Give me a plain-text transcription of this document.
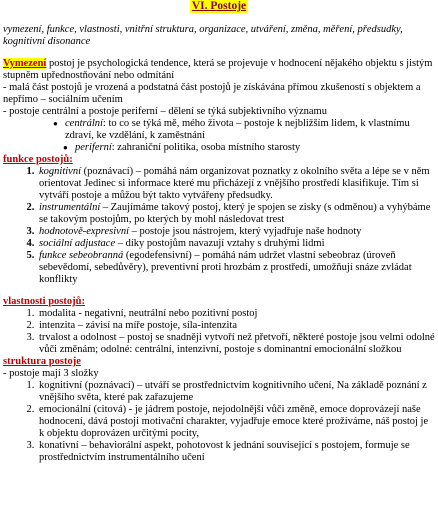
VI. Postoje
vymezení, funkce, vlastnosti, vnitřní struktura, organizace, utváření, změna, měření, předsudky, kognitivní disonance

Vymezení postoj je psychologická tendence, která se projevuje v hodnocení nějakého objektu s jistým stupněm upřednostňování nebo odmítání

- malá část postojů je vrozená a podstatná část postojů je získávána přímou zkušeností s objektem a nepřímo – sociálním učením

- postoje centrální a postoje periferní – dělení se týká subjektivního významu

● centrální: to co se týká mě, mého života – postoje k nejbližším lidem, k vlastnímu zdraví, ke vzdělání, k zaměstnání
● periferní: zahraniční politika, osoba místního starosty

funkce postojů:

1. kognitivní (poznávací) – pomáhá nám organizovat poznatky z okolního světa a lépe se v něm orientovat Jedinec si informace které mu přicházejí z vnějšího prostředí klasifikuje. Tím si vytváří postoje a můžou být takto vytvářeny předsudky.
2. instrumentální – Zaujímáme takový postoj, který je spojen se zisky (s odměnou) a vyhýbáme se takovým postojům, po kterých by mohl následovat trest
3. hodnotově-expresivní – postoje jsou nástrojem, který vyjadřuje naše hodnoty
4. sociální adjustace – díky postojům navazují vztahy s druhými lidmi
5. funkce sebeobranná (egodefensivní) – pomáhá nám udržet vlastní sebeobraz (úroveň sebevědomí, sebedůvěry), preventivní proti hrozbám z prostředí, umožňují snáze zvládat konflikty

vlastnosti postojů:

1. modalita - negativní, neutrální nebo pozitivní postoj
2. intenzita – závisí na míře postoje, síla-intenzita
3. trvalost a odolnost – postoj se snadněji vytvoří než přetvoří, některé postoje jsou velmi odolné vůči změnám; odolné: centrální, intenzivní, postoje s dominantní emocionální složkou

struktura postoje

- postoje mají 3 složky

1. kognitivní (poznávací) – utváří se prostřednictvím kognitivního učení, Na základě poznání z vnějšího světa, které pak zařazujeme
2. emocionální (citová) - je jádrem postoje, nejodolnější vůči změně, emoce doprovázejí naše hodnocení, dává postoji motivační charakter, vyjadřuje emoce které prožíváme, náš postoj je k objektu doprovázen určitými pocity,
3. konativní – behaviorální aspekt, pohotovost k jednání související s postojem, formuje se prostřednictvím instrumentálního učení
